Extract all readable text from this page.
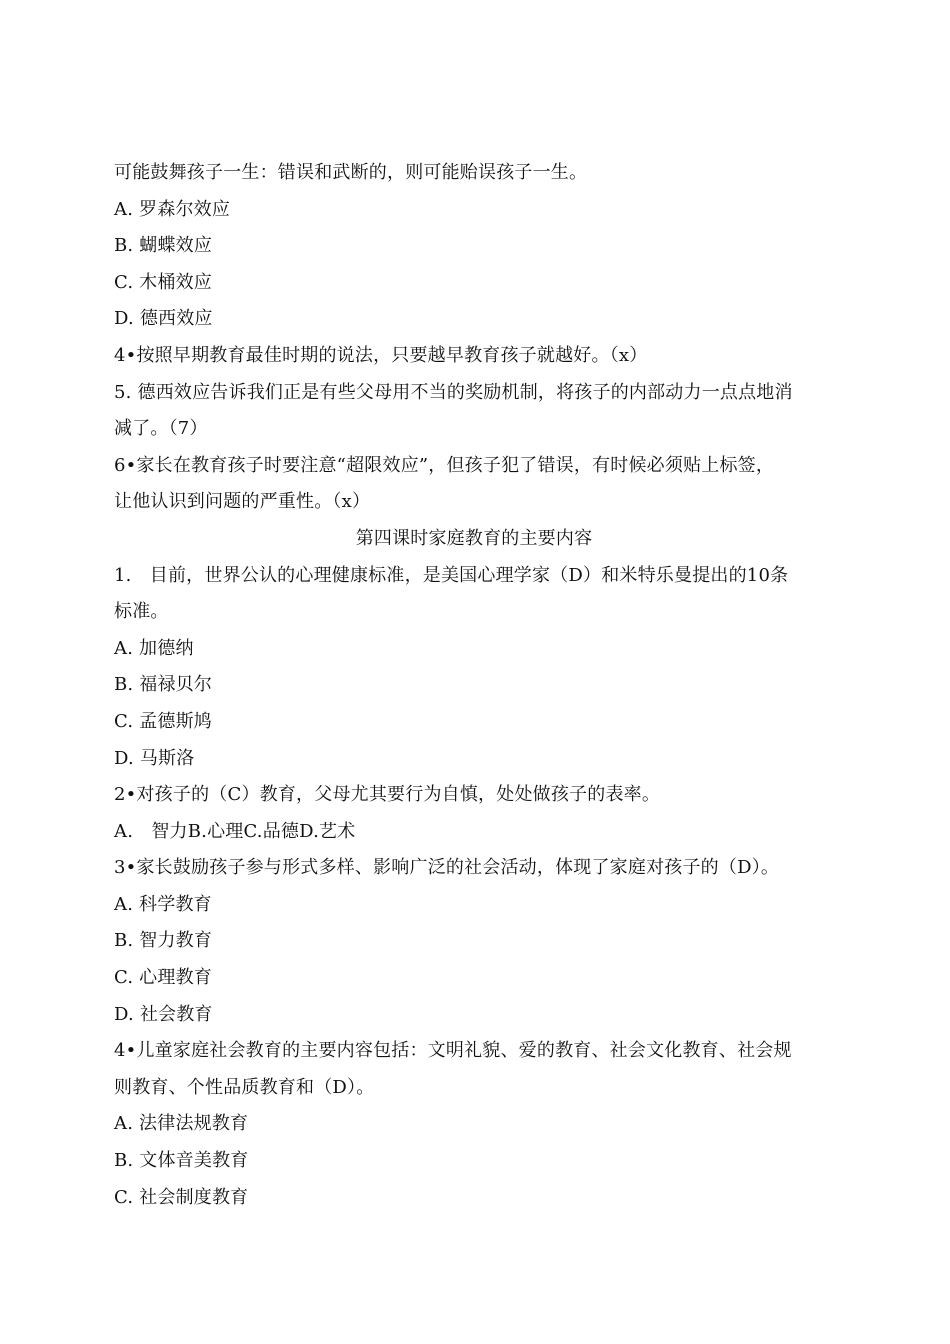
可能鼓舞孩子一生：错误和武断的，则可能贻误孩子一生。
A. 罗森尔效应
B. 蝴蝶效应
C. 木桶效应
D. 德西效应
4•按照早期教育最佳时期的说法，只要越早教育孩子就越好。（x）
5. 德西效应告诉我们正是有些父母用不当的奖励机制，将孩子的内部动力一点点地消
减了。（7）
6•家长在教育孩子时要注意“超限效应”，但孩子犯了错误，有时候必须贴上标签，
让他认识到问题的严重性。（x）
第四课时家庭教育的主要内容
1.　目前，世界公认的心理健康标准，是美国心理学家（D）和米特乐曼提出的10条
标准。
A. 加德纳
B. 福禄贝尔
C. 孟德斯鸠
D. 马斯洛
2•对孩子的（C）教育，父母尤其要行为自慎，处处做孩子的表率。
A.　智力B.心理C.品德D.艺术
3•家长鼓励孩子参与形式多样、影响广泛的社会活动，体现了家庭对孩子的（D）。
A. 科学教育
B. 智力教育
C. 心理教育
D. 社会教育
4•儿童家庭社会教育的主要内容包括：文明礼貌、爱的教育、社会文化教育、社会规
则教育、个性品质教育和（D）。
A. 法律法规教育
B. 文体音美教育
C. 社会制度教育
